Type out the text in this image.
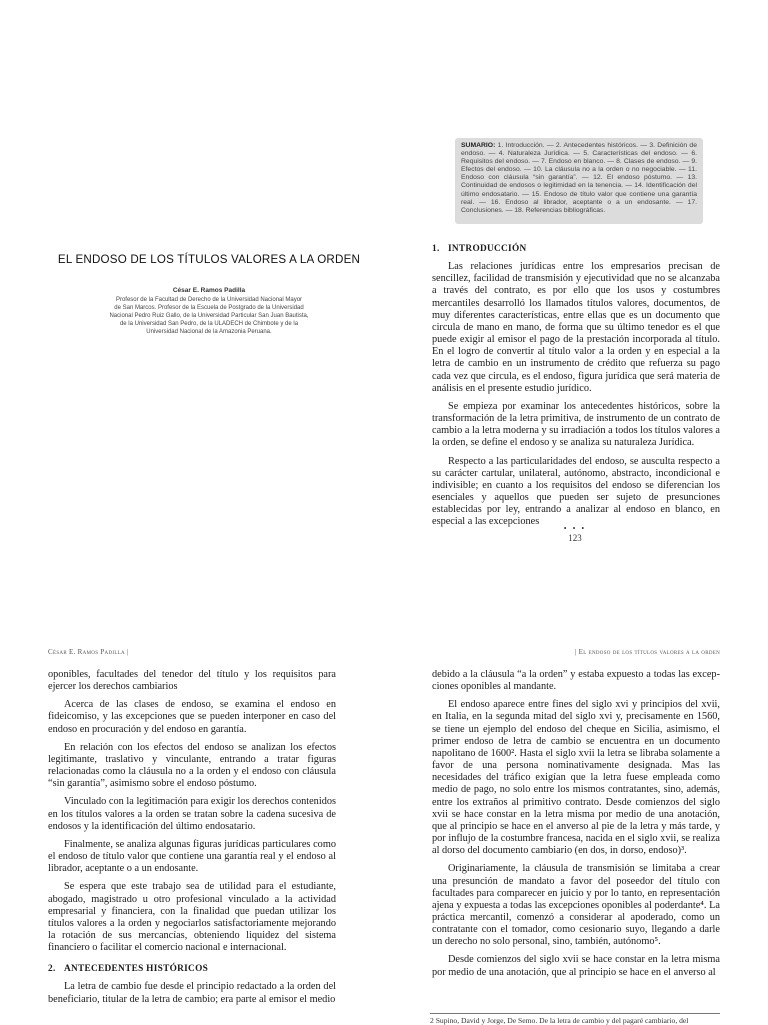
SUMARIO: 1. Introducción. — 2. Antecedentes históricos. — 3. Definición de endoso. — 4. Naturaleza Jurídica. — 5. Características del endoso. — 6. Requisitos del endoso. — 7. Endoso en blanco. — 8. Clases de endoso. — 9. Efectos del endoso. — 10. La cláusula no a la orden o no negociable. — 11. Endoso con cláusula “sin garantía”. — 12. El endoso póstumo. — 13. Continuidad de endosos o legitimidad en la tenencia. — 14. Identificación del último endosatario. — 15. Endoso de título valor que contiene una garantía real. — 16. Endoso al librador, aceptante o a un endosante. — 17. Conclusiones. — 18. Referencias bibliográficas.

EL ENDOSO DE LOS TÍTULOS VALORES A LA ORDEN
César E. Ramos Padilla
Profesor de la Facultad de Derecho de la Universidad Nacional Mayor
de San Marcos. Profesor de la Escuela de Postgrado de la Universidad
Nacional Pedro Ruiz Gallo, de la Universidad Particular San Juan Bautista,
de la Universidad San Pedro, de la ULADECH de Chimbote y de la
Universidad Nacional de la Amazonia Peruana.
1. INTRODUCCIÓN

Las relaciones jurídicas entre los empresarios precisan de sencillez, facilidad de transmisión y ejecutividad que no se alcanzaba a través del contrato, es por ello que los usos y costumbres mercantiles desarrolló los llamados títulos valores, documentos, de muy diferentes características, entre ellas que es un documento que circula de mano en mano, de forma que su último tenedor es el que puede exigir al emisor el pago de la prestación incorporada al título. En el logro de convertir al título valor a la orden y en especial a la letra de cambio en un instrumento de crédito que refuerza su pago cada vez que circula, es el endoso, figura jurídica que será materia de análisis en el presente estudio jurídico.

Se empieza por examinar los antecedentes históricos, sobre la transformación de la letra primitiva, de instrumento de un contrato de cambio a la letra moderna y su irradiación a todos los títulos valores a la orden, se define el endoso y se analiza su naturaleza Jurídica.

Respecto a las particularidades del endoso, se ausculta respecto a su carácter cartular, unilateral, autónomo, abstracto, incondicional e indivisible; en cuanto a los requisitos del endoso se diferencian los esenciales y aquellos que pueden ser sujeto de presunciones establecidas por ley, entrando a analizar al endoso en blanco, en especial a las excepciones

• • •
123
César E. Ramos Padilla |	| El endoso de los títulos valores a la orden

oponibles, facultades del tenedor del título y los requisitos para ejercer los derechos cambiarios

Acerca de las clases de endoso, se examina el endoso en fideicomiso, y las excepciones que se pueden interponer en caso del endoso en procuración y del endoso en garantía.

En relación con los efectos del endoso se analizan los efectos legitimante, traslativo y vinculante, entrando a tratar figuras relacionadas como la cláusula no a la orden y el endoso con cláusula “sin garantía”, asimismo sobre el endoso póstumo.

Vinculado con la legitimación para exigir los derechos contenidos en los títulos valores a la orden se tratan sobre la cadena sucesiva de endosos y la identificación del último endosatario.

Finalmente, se analiza algunas figuras jurídicas particulares como el endoso de título valor que contiene una garantía real y el endoso al librador, aceptante o a un endosante.

Se espera que este trabajo sea de utilidad para el estudiante, abogado, magistrado u otro profesional vinculado a la actividad empresarial y financiera, con la finalidad que puedan utilizar los títulos valores a la orden y negociarlos satisfactoriamente mejorando la rotación de sus mercancías, obteniendo liquidez del sistema financiero o facilitar el comercio nacional e internacional.

2. ANTECEDENTES HISTÓRICOS

La letra de cambio fue desde el principio redactado a la orden del beneficiario, titular de la letra de cambio; era parte al emisor el medio

debido a la cláusula “a la orden” y estaba expuesto a todas las excepciones oponibles al mandante.

El endoso aparece entre fines del siglo xvi y principios del xvii, en Italia, en la segunda mitad del siglo xvi y, precisamente en 1560, se tiene un ejemplo del endoso del cheque en Sicilia, asimismo, el primer endoso de letra de cambio se encuentra en un documento napolitano de 1600². Hasta el siglo xvii la letra se libraba solamente a favor de una persona nominativamente designada. Mas las necesidades del tráfico exigían que la letra fuese empleada como medio de pago, no solo entre los mismos contratantes, sino, además, entre los extraños al primitivo contrato. Desde comienzos del siglo xvii se hace constar en la letra misma por medio de una anotación, que al principio se hace en el anverso al pie de la letra y más tarde, y por influjo de la costumbre francesa, nacida en el siglo xvii, se realiza al dorso del documento cambiario (en dos, in dorso, endoso)³.

Originariamente, la cláusula de transmisión se limitaba a crear una presunción de mandato a favor del poseedor del título con facultades para comparecer en juicio y por lo tanto, en representación ajena y expuesta a todas las excepciones oponibles al poderdante⁴. La práctica mercantil, comenzó a considerar al apoderado, como un contratante con el tomador, como cesionario suyo, llegando a darle un derecho no solo personal, sino, también, autónomo⁵.

Desde comienzos del siglo xvii se hace constar en la letra misma por medio de una anotación, que al principio se hace en el anverso al

2 Supino, David y Jorge, De Semo. De la letra de cambio y del pagaré cambiario, del
